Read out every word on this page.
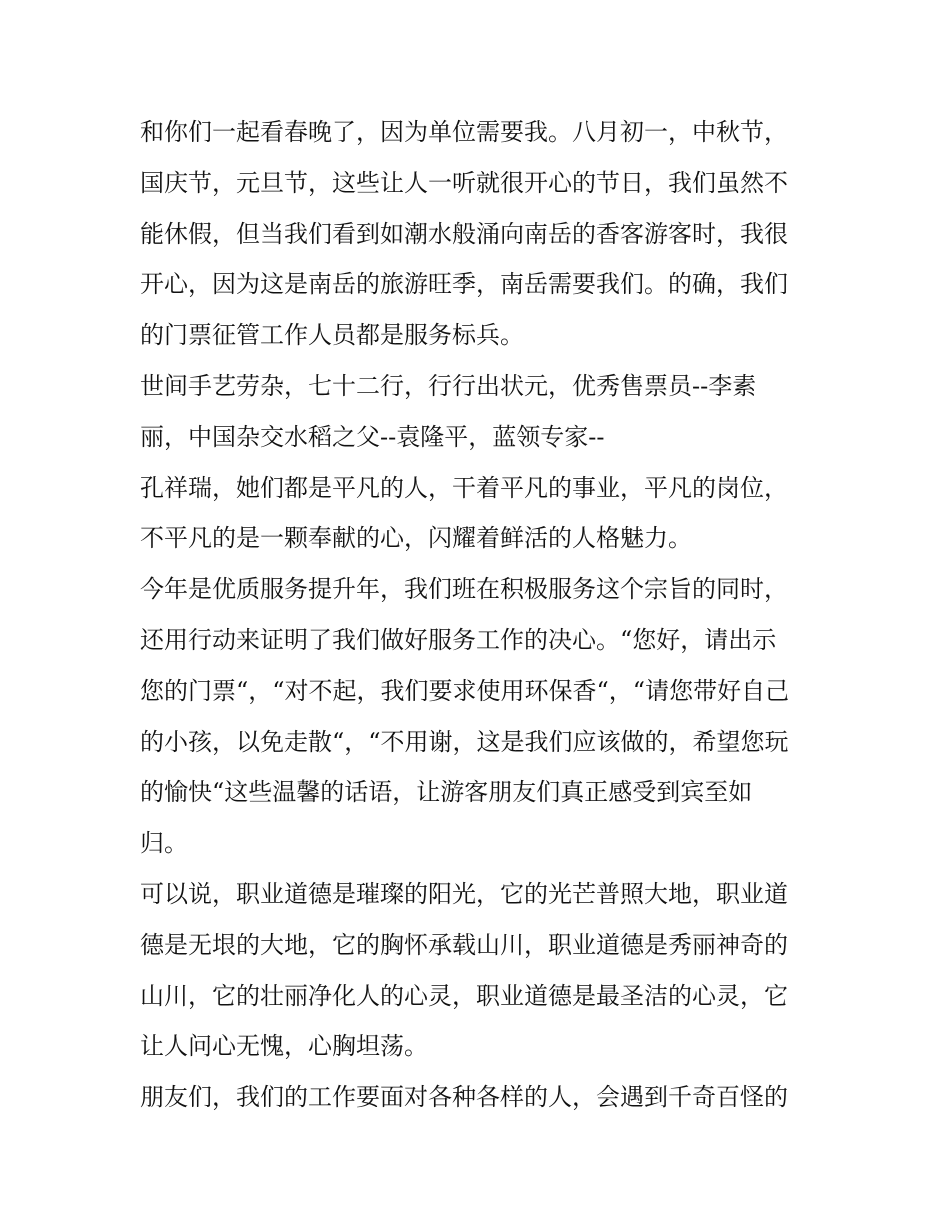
和你们一起看春晚了，因为单位需要我。八月初一，中秋节，
国庆节，元旦节，这些让人一听就很开心的节日，我们虽然不
能休假，但当我们看到如潮水般涌向南岳的香客游客时，我很
开心，因为这是南岳的旅游旺季，南岳需要我们。的确，我们
的门票征管工作人员都是服务标兵。
世间手艺劳杂，七十二行，行行出状元，优秀售票员--李素
丽，中国杂交水稻之父--袁隆平，蓝领专家--
孔祥瑞，她们都是平凡的人，干着平凡的事业，平凡的岗位，
不平凡的是一颗奉献的心，闪耀着鲜活的人格魅力。
今年是优质服务提升年，我们班在积极服务这个宗旨的同时，
还用行动来证明了我们做好服务工作的决心。“您好，请出示
您的门票“，“对不起，我们要求使用环保香“，“请您带好自己
的小孩，以免走散“，“不用谢，这是我们应该做的，希望您玩
的愉快“这些温馨的话语，让游客朋友们真正感受到宾至如
归。
可以说，职业道德是璀璨的阳光，它的光芒普照大地，职业道
德是无垠的大地，它的胸怀承载山川，职业道德是秀丽神奇的
山川，它的壮丽净化人的心灵，职业道德是最圣洁的心灵，它
让人问心无愧，心胸坦荡。
朋友们，我们的工作要面对各种各样的人，会遇到千奇百怪的
